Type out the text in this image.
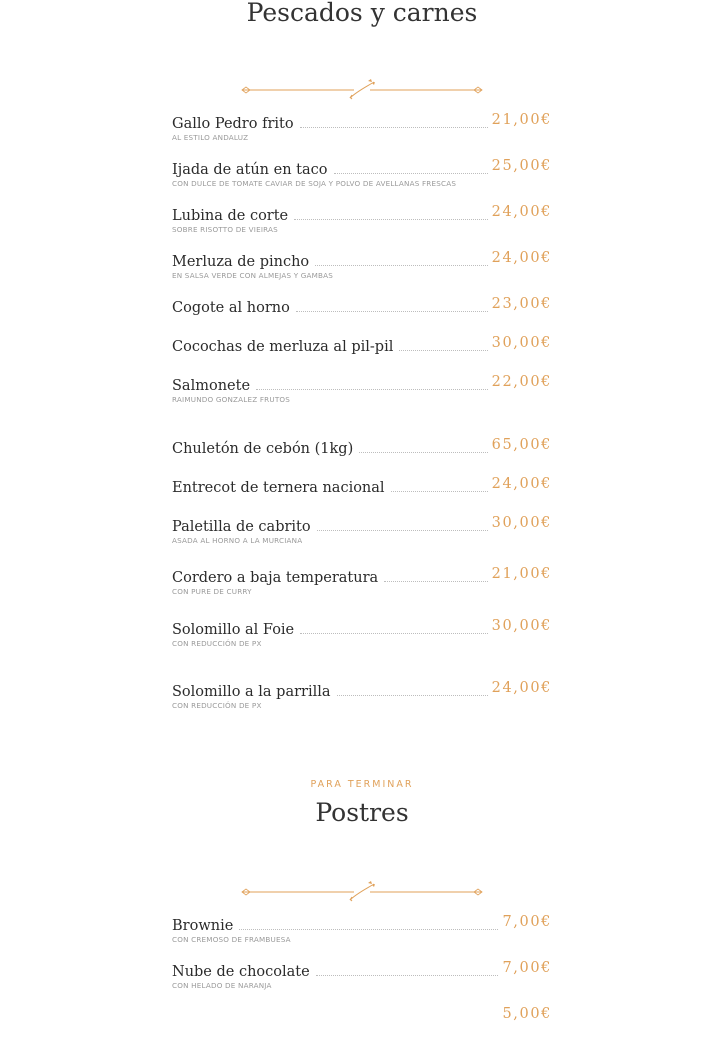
Pescados y carnes
Gallo Pedro frito	21,00€
AL ESTILO ANDALUZ
Ijada de atún en taco	25,00€
CON DULCE DE TOMATE CAVIAR DE SOJA Y POLVO DE AVELLANAS FRESCAS
Lubina de corte	24,00€
SOBRE RISOTTO DE VIEIRAS
Merluza de pincho	24,00€
EN SALSA VERDE CON ALMEJAS Y GAMBAS
Cogote al horno	23,00€
Cocochas de merluza al pil-pil	30,00€
Salmonete	22,00€
RAIMUNDO GONZALEZ FRUTOS
Chuletón de cebón (1kg)	65,00€
Entrecot de ternera nacional	24,00€
Paletilla de cabrito	30,00€
ASADA AL HORNO A LA MURCIANA
Cordero a baja temperatura	21,00€
CON PURE DE CURRY
Solomillo al Foie	30,00€
CON REDUCCIÓN DE PX
Solomillo a la parrilla	24,00€
CON REDUCCIÓN DE PX
PARA TERMINAR
Postres
Brownie	7,00€
CON CREMOSO DE FRAMBUESA
Nube de chocolate	7,00€
CON HELADO DE NARANJA
5,00€
